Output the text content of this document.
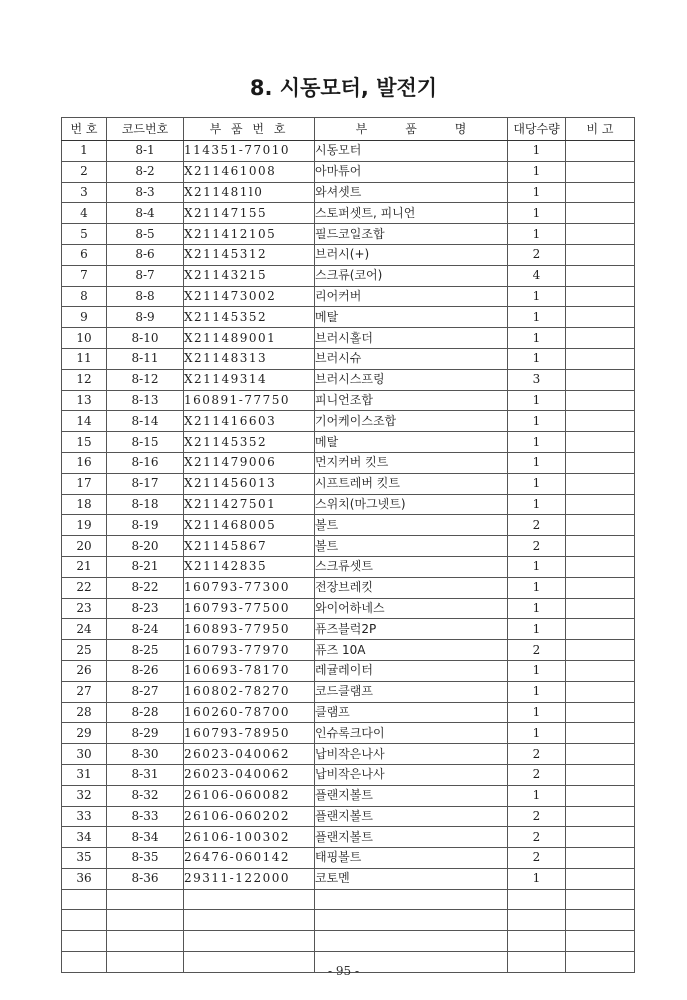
8. 시동모터, 발전기
번 호	코드번호	부 품 번 호	부품명	대당수량	비 고
1	8-1	114351-77010	시동모터	1	
2	8-2	X211461008	아마튜어	1	
3	8-3	X211481l0	와셔셋트	1	
4	8-4	X21147155	스토퍼셋트, 피니언	1	
5	8-5	X211412105	필드코일조합	1	
6	8-6	X21145312	브러시(+)	2	
7	8-7	X21143215	스크류(코어)	4	
8	8-8	X211473002	리어커버	1	
9	8-9	X21145352	메탈	1	
10	8-10	X211489001	브러시홀더	1	
11	8-11	X21148313	브러시슈	1	
12	8-12	X21149314	브러시스프링	3	
13	8-13	160891-77750	피니언조합	1	
14	8-14	X211416603	기어케이스조합	1	
15	8-15	X21145352	메탈	1	
16	8-16	X211479006	먼지커버 킷트	1	
17	8-17	X211456013	시프트레버 킷트	1	
18	8-18	X211427501	스위치(마그넷트)	1	
19	8-19	X211468005	볼트	2	
20	8-20	X21145867	볼트	2	
21	8-21	X21142835	스크류셋트	1	
22	8-22	160793-77300	전장브레킷	1	
23	8-23	160793-77500	와이어하네스	1	
24	8-24	160893-77950	퓨즈블럭2P	1	
25	8-25	160793-77970	퓨즈 10A	2	
26	8-26	160693-78170	레귤레이터	1	
27	8-27	160802-78270	코드클램프	1	
28	8-28	160260-78700	클램프	1	
29	8-29	160793-78950	인슈록크다이	1	
30	8-30	26023-040062	납비작은나사	2	
31	8-31	26023-040062	납비작은나사	2	
32	8-32	26106-060082	플랜지볼트	1	
33	8-33	26106-060202	플랜지볼트	2	
34	8-34	26106-100302	플랜지볼트	2	
35	8-35	26476-060142	태핑볼트	2	
36	8-36	29311-122000	코토멘	1	

- 95 -
